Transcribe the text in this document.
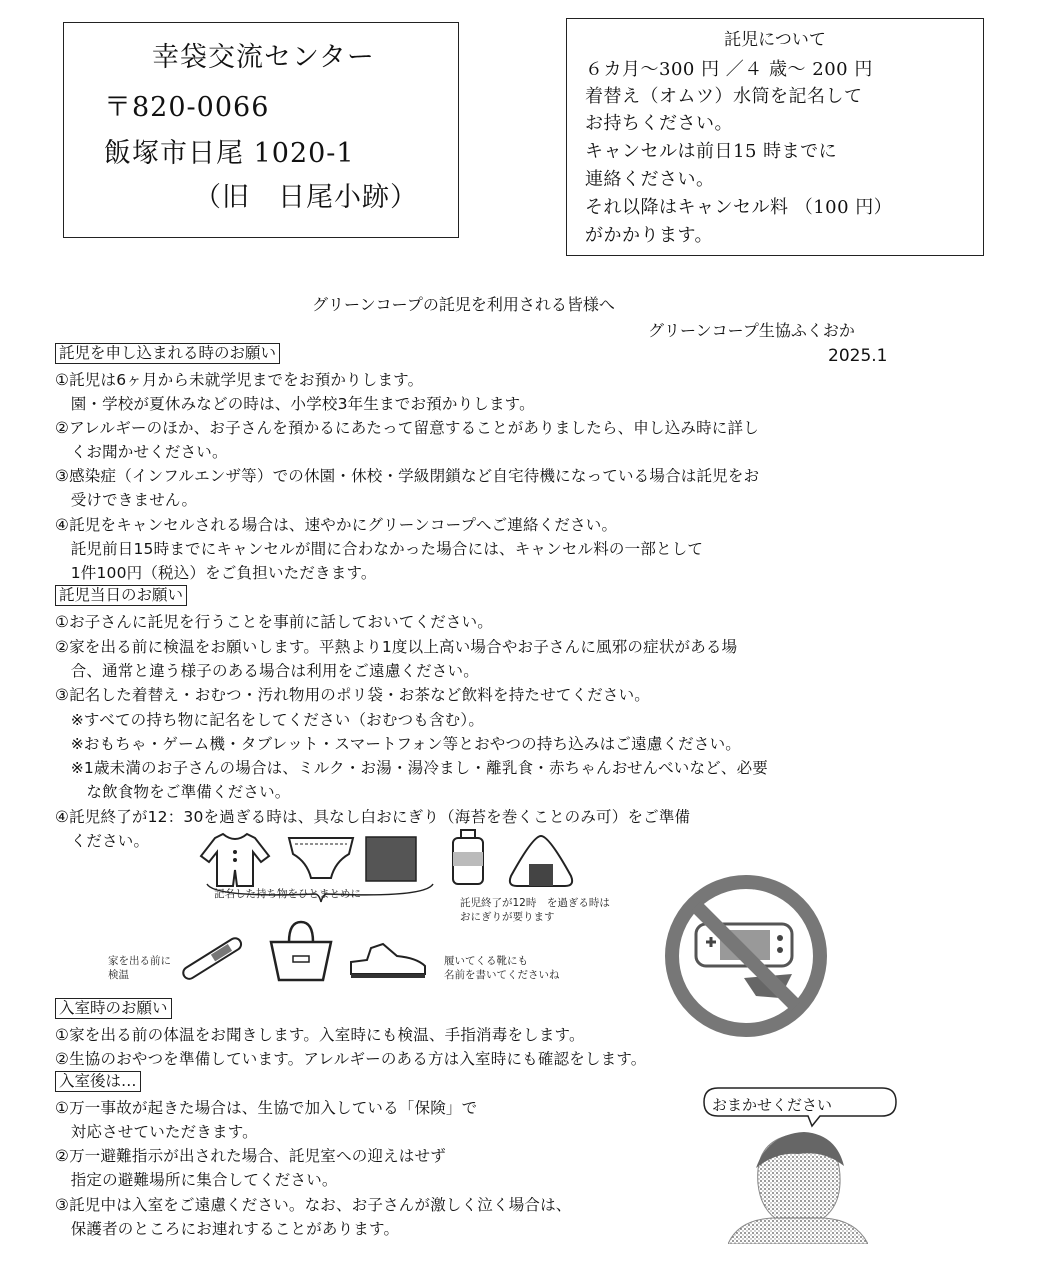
幸袋交流センター
〒820-0066
飯塚市日尾 1020-1
（旧　日尾小跡）
託児について
６カ月～300 円 ／４ 歳～ 200 円
着替え（オムツ）水筒を記名して
お持ちください。
キャンセルは前日15 時までに
連絡ください。
それ以降はキャンセル料 （100 円）
がかかります。
グリーンコープの託児を利用される皆様へ
グリーンコープ生協ふくおか
2025.1
託児を申し込まれる時のお願い
①託児は6ヶ月から未就学児までをお預かりします。
　園・学校が夏休みなどの時は、小学校3年生までお預かりします。
②アレルギーのほか、お子さんを預かるにあたって留意することがありましたら、申し込み時に詳し
　くお聞かせください。
③感染症（インフルエンザ等）での休園・休校・学級閉鎖など自宅待機になっている場合は託児をお
　受けできません。
④託児をキャンセルされる場合は、速やかにグリーンコープへご連絡ください。
　託児前日15時までにキャンセルが間に合わなかった場合には、キャンセル料の一部として
　1件100円（税込）をご負担いただきます。
託児当日のお願い
①お子さんに託児を行うことを事前に話しておいてください。
②家を出る前に検温をお願いします。平熱より1度以上高い場合やお子さんに風邪の症状がある場
　合、通常と違う様子のある場合は利用をご遠慮ください。
③記名した着替え・おむつ・汚れ物用のポリ袋・お茶など飲料を持たせてください。
　※すべての持ち物に記名をしてください（おむつも含む）。
　※おもちゃ・ゲーム機・タブレット・スマートフォン等とおやつの持ち込みはご遠慮ください。
　※1歳未満のお子さんの場合は、ミルク・お湯・湯冷まし・離乳食・赤ちゃんおせんべいなど、必要
　　な飲食物をご準備ください。
④託児終了が12：30を過ぎる時は、具なし白おにぎり（海苔を巻くことのみ可）をご準備
　ください。
記名した持ち物をひとまとめに
託児終了が12時　を過ぎる時は
おにぎりが要ります
家を出る前に
検温
履いてくる靴にも
名前を書いてくださいね
入室時のお願い
①家を出る前の体温をお聞きします。入室時にも検温、手指消毒をします。
②生協のおやつを準備しています。アレルギーのある方は入室時にも確認をします。
入室後は…
①万一事故が起きた場合は、生協で加入している「保険」で
　対応させていただきます。
②万一避難指示が出された場合、託児室への迎えはせず
　指定の避難場所に集合してください。
③託児中は入室をご遠慮ください。なお、お子さんが激しく泣く場合は、
　保護者のところにお連れすることがあります。
おまかせください
